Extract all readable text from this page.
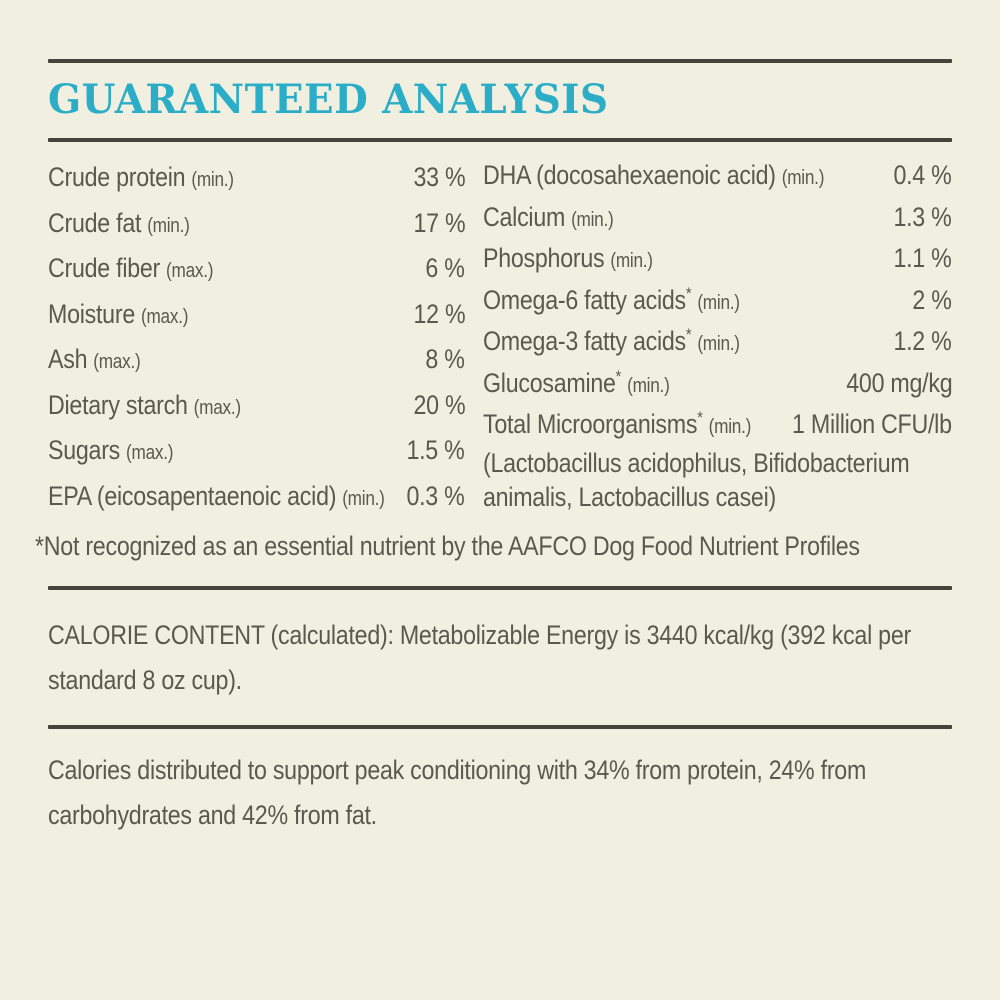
GUARANTEED ANALYSIS
Crude protein (min.)	33 %
Crude fat (min.)	17 %
Crude fiber (max.)	6 %
Moisture (max.)	12 %
Ash (max.)	8 %
Dietary starch (max.)	20 %
Sugars (max.)	1.5 %
EPA (eicosapentaenoic acid) (min.) 0.3 %
DHA (docosahexaenoic acid) (min.)	0.4 %
Calcium (min.)	1.3 %
Phosphorus (min.)	1.1 %
Omega-6 fatty acids* (min.)	2 %
Omega-3 fatty acids* (min.)	1.2 %
Glucosamine* (min.)	400 mg/kg
Total Microorganisms* (min.) 1 Million CFU/lb
(Lactobacillus acidophilus, Bifidobacterium
animalis, Lactobacillus casei)
*Not recognized as an essential nutrient by the AAFCO Dog Food Nutrient Profiles
CALORIE CONTENT (calculated): Metabolizable Energy is 3440 kcal/kg (392 kcal per
standard 8 oz cup).
Calories distributed to support peak conditioning with 34% from protein, 24% from
carbohydrates and 42% from fat.
